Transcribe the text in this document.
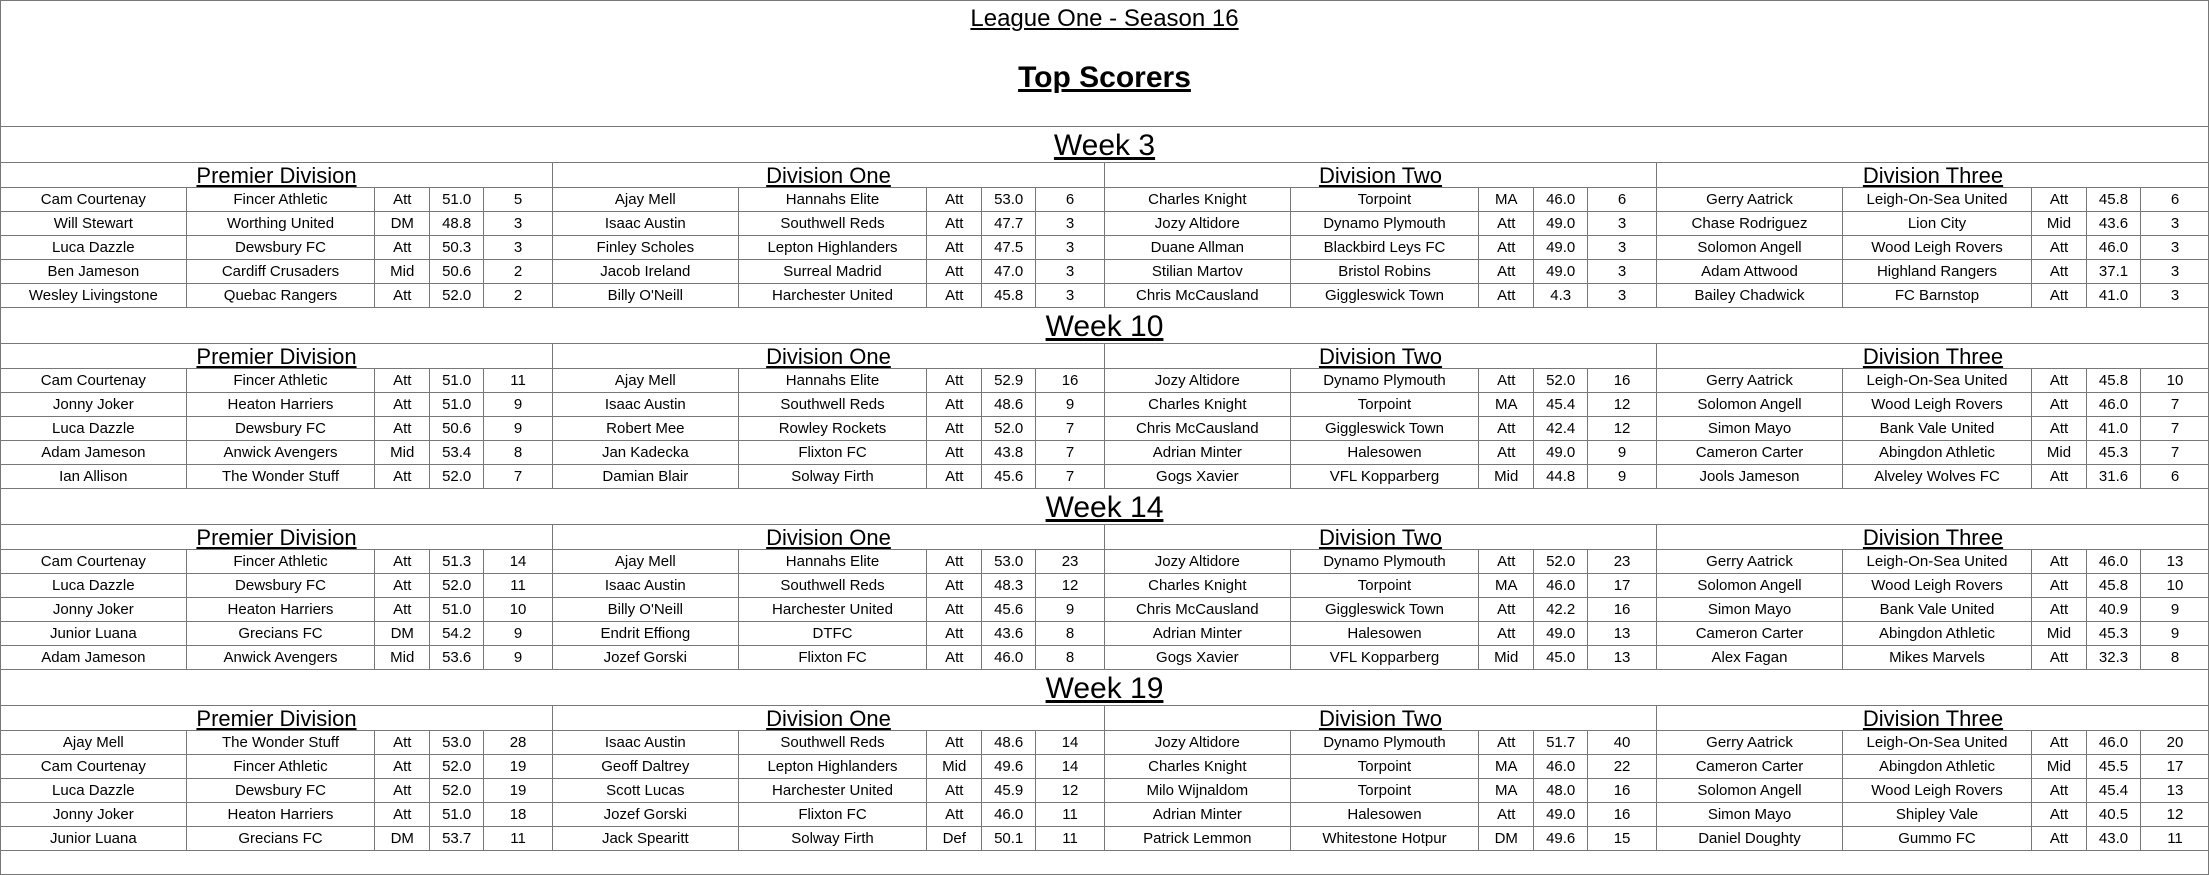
League One - Season 16
Top Scorers
Week 3
Premier Division
Cam Courtenay	Fincer Athletic	Att	51.0	5
Will Stewart	Worthing United	DM	48.8	3
Luca Dazzle	Dewsbury FC	Att	50.3	3
Ben Jameson	Cardiff Crusaders	Mid	50.6	2
Wesley Livingstone	Quebac Rangers	Att	52.0	2
Division One
Ajay Mell	Hannahs Elite	Att	53.0	6
Isaac Austin	Southwell Reds	Att	47.7	3
Finley Scholes	Lepton Highlanders	Att	47.5	3
Jacob Ireland	Surreal Madrid	Att	47.0	3
Billy O'Neill	Harchester United	Att	45.8	3
Division Two
Charles Knight	Torpoint	MA	46.0	6
Jozy Altidore	Dynamo Plymouth	Att	49.0	3
Duane Allman	Blackbird Leys FC	Att	49.0	3
Stilian Martov	Bristol Robins	Att	49.0	3
Chris McCausland	Giggleswick Town	Att	4.3	3
Division Three
Gerry Aatrick	Leigh-On-Sea United	Att	45.8	6
Chase Rodriguez	Lion City	Mid	43.6	3
Solomon Angell	Wood Leigh Rovers	Att	46.0	3
Adam Attwood	Highland Rangers	Att	37.1	3
Bailey Chadwick	FC Barnstop	Att	41.0	3
Week 10
Premier Division
Cam Courtenay	Fincer Athletic	Att	51.0	11
Jonny Joker	Heaton Harriers	Att	51.0	9
Luca Dazzle	Dewsbury FC	Att	50.6	9
Adam Jameson	Anwick Avengers	Mid	53.4	8
Ian Allison	The Wonder Stuff	Att	52.0	7
Division One
Ajay Mell	Hannahs Elite	Att	52.9	16
Isaac Austin	Southwell Reds	Att	48.6	9
Robert Mee	Rowley Rockets	Att	52.0	7
Jan Kadecka	Flixton FC	Att	43.8	7
Damian Blair	Solway Firth	Att	45.6	7
Division Two
Jozy Altidore	Dynamo Plymouth	Att	52.0	16
Charles Knight	Torpoint	MA	45.4	12
Chris McCausland	Giggleswick Town	Att	42.4	12
Adrian Minter	Halesowen	Att	49.0	9
Gogs Xavier	VFL Kopparberg	Mid	44.8	9
Division Three
Gerry Aatrick	Leigh-On-Sea United	Att	45.8	10
Solomon Angell	Wood Leigh Rovers	Att	46.0	7
Simon Mayo	Bank Vale United	Att	41.0	7
Cameron Carter	Abingdon Athletic	Mid	45.3	7
Jools Jameson	Alveley Wolves FC	Att	31.6	6
Week 14
Premier Division
Cam Courtenay	Fincer Athletic	Att	51.3	14
Luca Dazzle	Dewsbury FC	Att	52.0	11
Jonny Joker	Heaton Harriers	Att	51.0	10
Junior Luana	Grecians FC	DM	54.2	9
Adam Jameson	Anwick Avengers	Mid	53.6	9
Division One
Ajay Mell	Hannahs Elite	Att	53.0	23
Isaac Austin	Southwell Reds	Att	48.3	12
Billy O'Neill	Harchester United	Att	45.6	9
Endrit Effiong	DTFC	Att	43.6	8
Jozef Gorski	Flixton FC	Att	46.0	8
Division Two
Jozy Altidore	Dynamo Plymouth	Att	52.0	23
Charles Knight	Torpoint	MA	46.0	17
Chris McCausland	Giggleswick Town	Att	42.2	16
Adrian Minter	Halesowen	Att	49.0	13
Gogs Xavier	VFL Kopparberg	Mid	45.0	13
Division Three
Gerry Aatrick	Leigh-On-Sea United	Att	46.0	13
Solomon Angell	Wood Leigh Rovers	Att	45.8	10
Simon Mayo	Bank Vale United	Att	40.9	9
Cameron Carter	Abingdon Athletic	Mid	45.3	9
Alex Fagan	Mikes Marvels	Att	32.3	8
Week 19
Premier Division
Ajay Mell	The Wonder Stuff	Att	53.0	28
Cam Courtenay	Fincer Athletic	Att	52.0	19
Luca Dazzle	Dewsbury FC	Att	52.0	19
Jonny Joker	Heaton Harriers	Att	51.0	18
Junior Luana	Grecians FC	DM	53.7	11
Division One
Isaac Austin	Southwell Reds	Att	48.6	14
Geoff Daltrey	Lepton Highlanders	Mid	49.6	14
Scott Lucas	Harchester United	Att	45.9	12
Jozef Gorski	Flixton FC	Att	46.0	11
Jack Spearitt	Solway Firth	Def	50.1	11
Division Two
Jozy Altidore	Dynamo Plymouth	Att	51.7	40
Charles Knight	Torpoint	MA	46.0	22
Milo Wijnaldom	Torpoint	MA	48.0	16
Adrian Minter	Halesowen	Att	49.0	16
Patrick Lemmon	Whitestone Hotpur	DM	49.6	15
Division Three
Gerry Aatrick	Leigh-On-Sea United	Att	46.0	20
Cameron Carter	Abingdon Athletic	Mid	45.5	17
Solomon Angell	Wood Leigh Rovers	Att	45.4	13
Simon Mayo	Shipley Vale	Att	40.5	12
Daniel Doughty	Gummo FC	Att	43.0	11
